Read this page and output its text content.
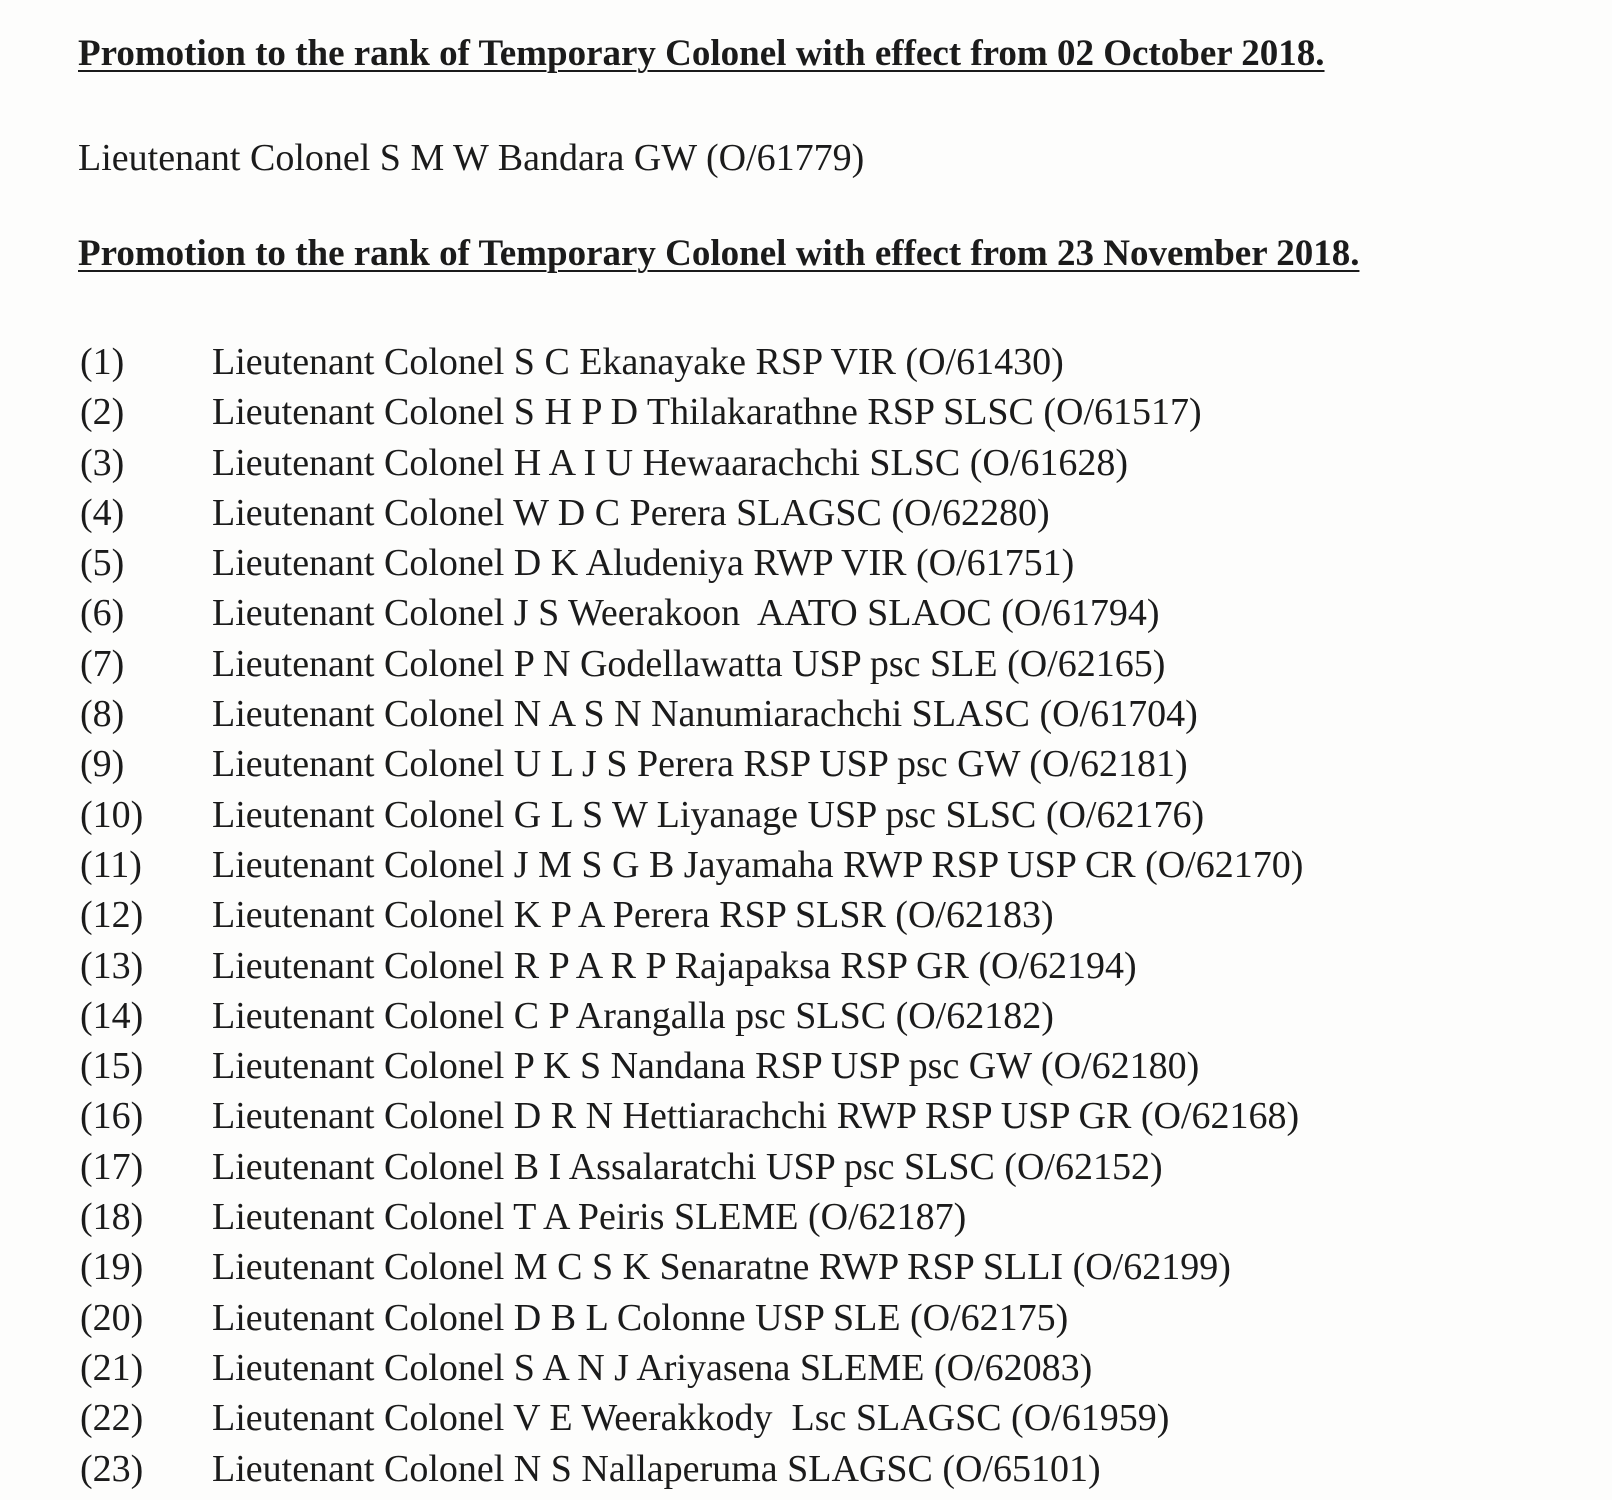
Promotion to the rank of Temporary Colonel with effect from 02 October 2018.

Lieutenant Colonel S M W Bandara GW (O/61779)

Promotion to the rank of Temporary Colonel with effect from 23 November 2018.
(1)	Lieutenant Colonel S C Ekanayake RSP VIR (O/61430)
(2)	Lieutenant Colonel S H P D Thilakarathne RSP SLSC (O/61517)
(3)	Lieutenant Colonel H A I U Hewaarachchi SLSC (O/61628)
(4)	Lieutenant Colonel W D C Perera SLAGSC (O/62280)
(5)	Lieutenant Colonel D K Aludeniya RWP VIR (O/61751)
(6)	Lieutenant Colonel J S Weerakoon  AATO SLAOC (O/61794)
(7)	Lieutenant Colonel P N Godellawatta USP psc SLE (O/62165)
(8)	Lieutenant Colonel N A S N Nanumiarachchi SLASC (O/61704)
(9)	Lieutenant Colonel U L J S Perera RSP USP psc GW (O/62181)
(10)	Lieutenant Colonel G L S W Liyanage USP psc SLSC (O/62176)
(11)	Lieutenant Colonel J M S G B Jayamaha RWP RSP USP CR (O/62170)
(12)	Lieutenant Colonel K P A Perera RSP SLSR (O/62183)
(13)	Lieutenant Colonel R P A R P Rajapaksa RSP GR (O/62194)
(14)	Lieutenant Colonel C P Arangalla psc SLSC (O/62182)
(15)	Lieutenant Colonel P K S Nandana RSP USP psc GW (O/62180)
(16)	Lieutenant Colonel D R N Hettiarachchi RWP RSP USP GR (O/62168)
(17)	Lieutenant Colonel B I Assalaratchi USP psc SLSC (O/62152)
(18)	Lieutenant Colonel T A Peiris SLEME (O/62187)
(19)	Lieutenant Colonel M C S K Senaratne RWP RSP SLLI (O/62199)
(20)	Lieutenant Colonel D B L Colonne USP SLE (O/62175)
(21)	Lieutenant Colonel S A N J Ariyasena SLEME (O/62083)
(22)	Lieutenant Colonel V E Weerakkody  Lsc SLAGSC (O/61959)
(23)	Lieutenant Colonel N S Nallaperuma SLAGSC (O/65101)
